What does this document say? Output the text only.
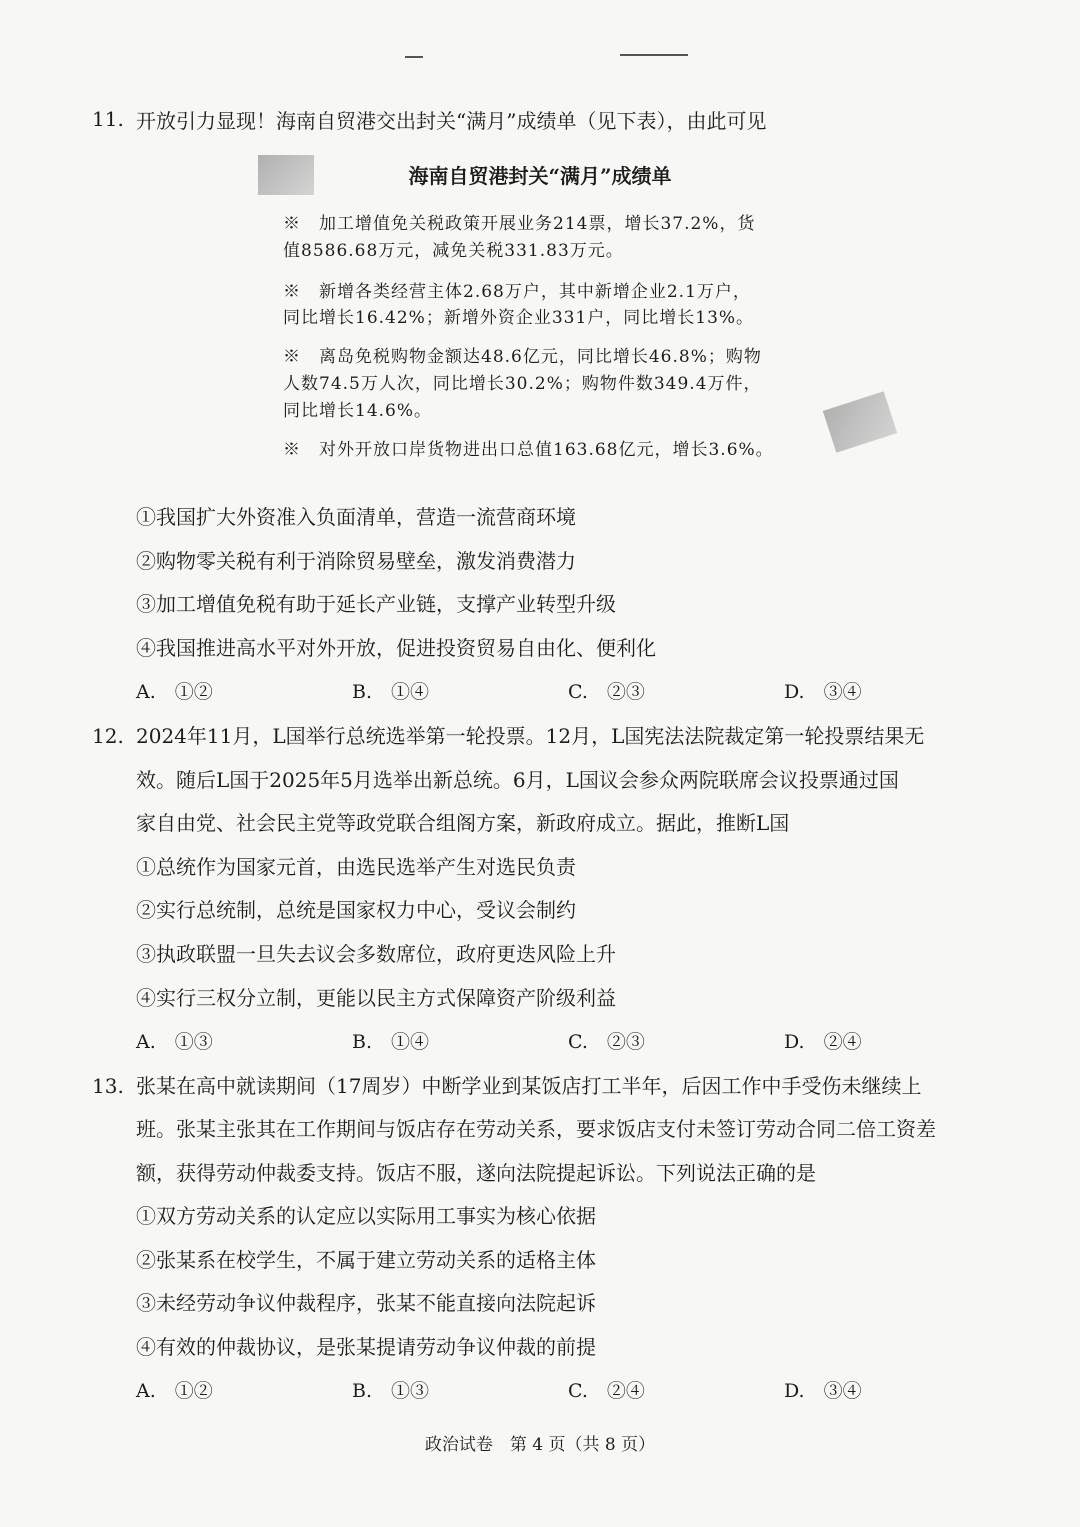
11. 开放引力显现！海南自贸港交出封关“满月”成绩单（见下表），由此可见
海南自贸港封关“满月”成绩单
※　加工增值免关税政策开展业务214票，增长37.2%，货
值8586.68万元，减免关税331.83万元。
※　新增各类经营主体2.68万户，其中新增企业2.1万户，
同比增长16.42%；新增外资企业331户，同比增长13%。
※　离岛免税购物金额达48.6亿元，同比增长46.8%；购物
人数74.5万人次，同比增长30.2%；购物件数349.4万件，
同比增长14.6%。
※　对外开放口岸货物进出口总值163.68亿元，增长3.6%。
①我国扩大外资准入负面清单，营造一流营商环境
②购物零关税有利于消除贸易壁垒，激发消费潜力
③加工增值免税有助于延长产业链，支撑产业转型升级
④我国推进高水平对外开放，促进投资贸易自由化、便利化
A.　①②	B.　①④	C.　②③	D.　③④
12. 2024年11月，L国举行总统选举第一轮投票。12月，L国宪法法院裁定第一轮投票结果无
效。随后L国于2025年5月选举出新总统。6月，L国议会参众两院联席会议投票通过国
家自由党、社会民主党等政党联合组阁方案，新政府成立。据此，推断L国
①总统作为国家元首，由选民选举产生对选民负责
②实行总统制，总统是国家权力中心，受议会制约
③执政联盟一旦失去议会多数席位，政府更迭风险上升
④实行三权分立制，更能以民主方式保障资产阶级利益
A.　①③	B.　①④	C.　②③	D.　②④
13. 张某在高中就读期间（17周岁）中断学业到某饭店打工半年，后因工作中手受伤未继续上
班。张某主张其在工作期间与饭店存在劳动关系，要求饭店支付未签订劳动合同二倍工资差
额，获得劳动仲裁委支持。饭店不服，遂向法院提起诉讼。下列说法正确的是
①双方劳动关系的认定应以实际用工事实为核心依据
②张某系在校学生，不属于建立劳动关系的适格主体
③未经劳动争议仲裁程序，张某不能直接向法院起诉
④有效的仲裁协议，是张某提请劳动争议仲裁的前提
A.　①②	B.　①③	C.　②④	D.　③④
政治试卷　第 4 页（共 8 页）
